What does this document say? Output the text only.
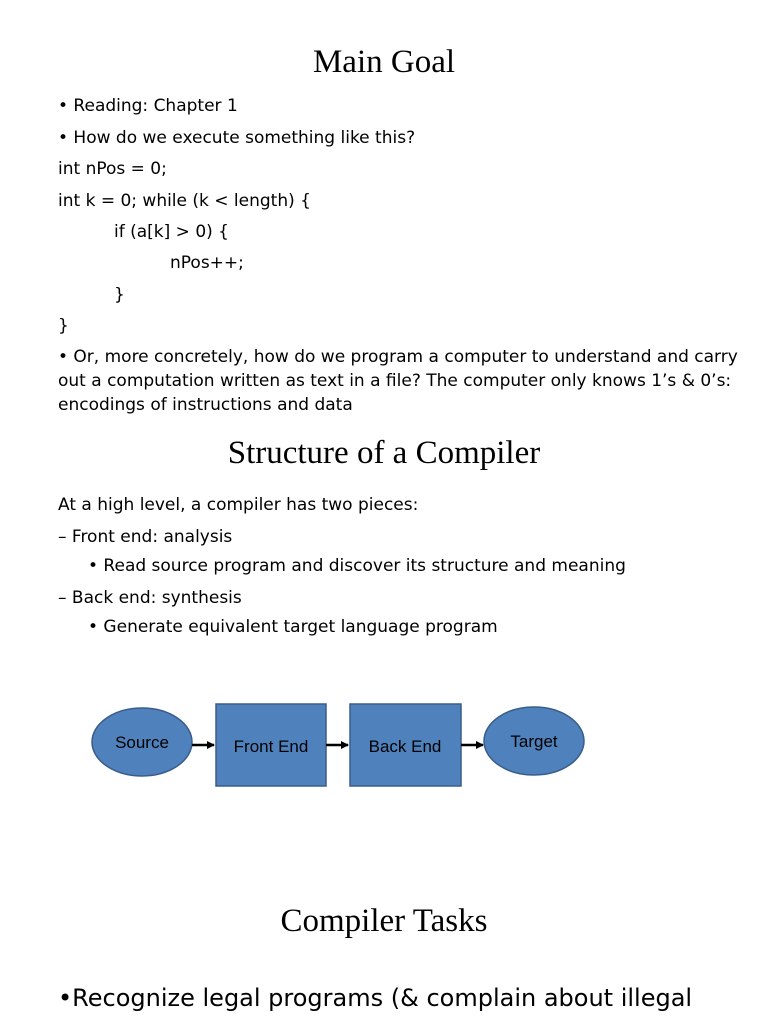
Main Goal
• Reading: Chapter 1
• How do we execute something like this?
int nPos = 0;
int k = 0; while (k < length) {
if (a[k] > 0) {
nPos++;
}
}
• Or, more concretely, how do we program a computer to understand and carry out a computation written as text in a file? The computer only knows 1’s & 0’s: encodings of instructions and data
Structure of a Compiler
At a high level, a compiler has two pieces:
– Front end: analysis
• Read source program and discover its structure and meaning
– Back end: synthesis
• Generate equivalent target language program
Source	Front End	Back End	Target
Compiler Tasks
•Recognize legal programs (& complain about illegal
